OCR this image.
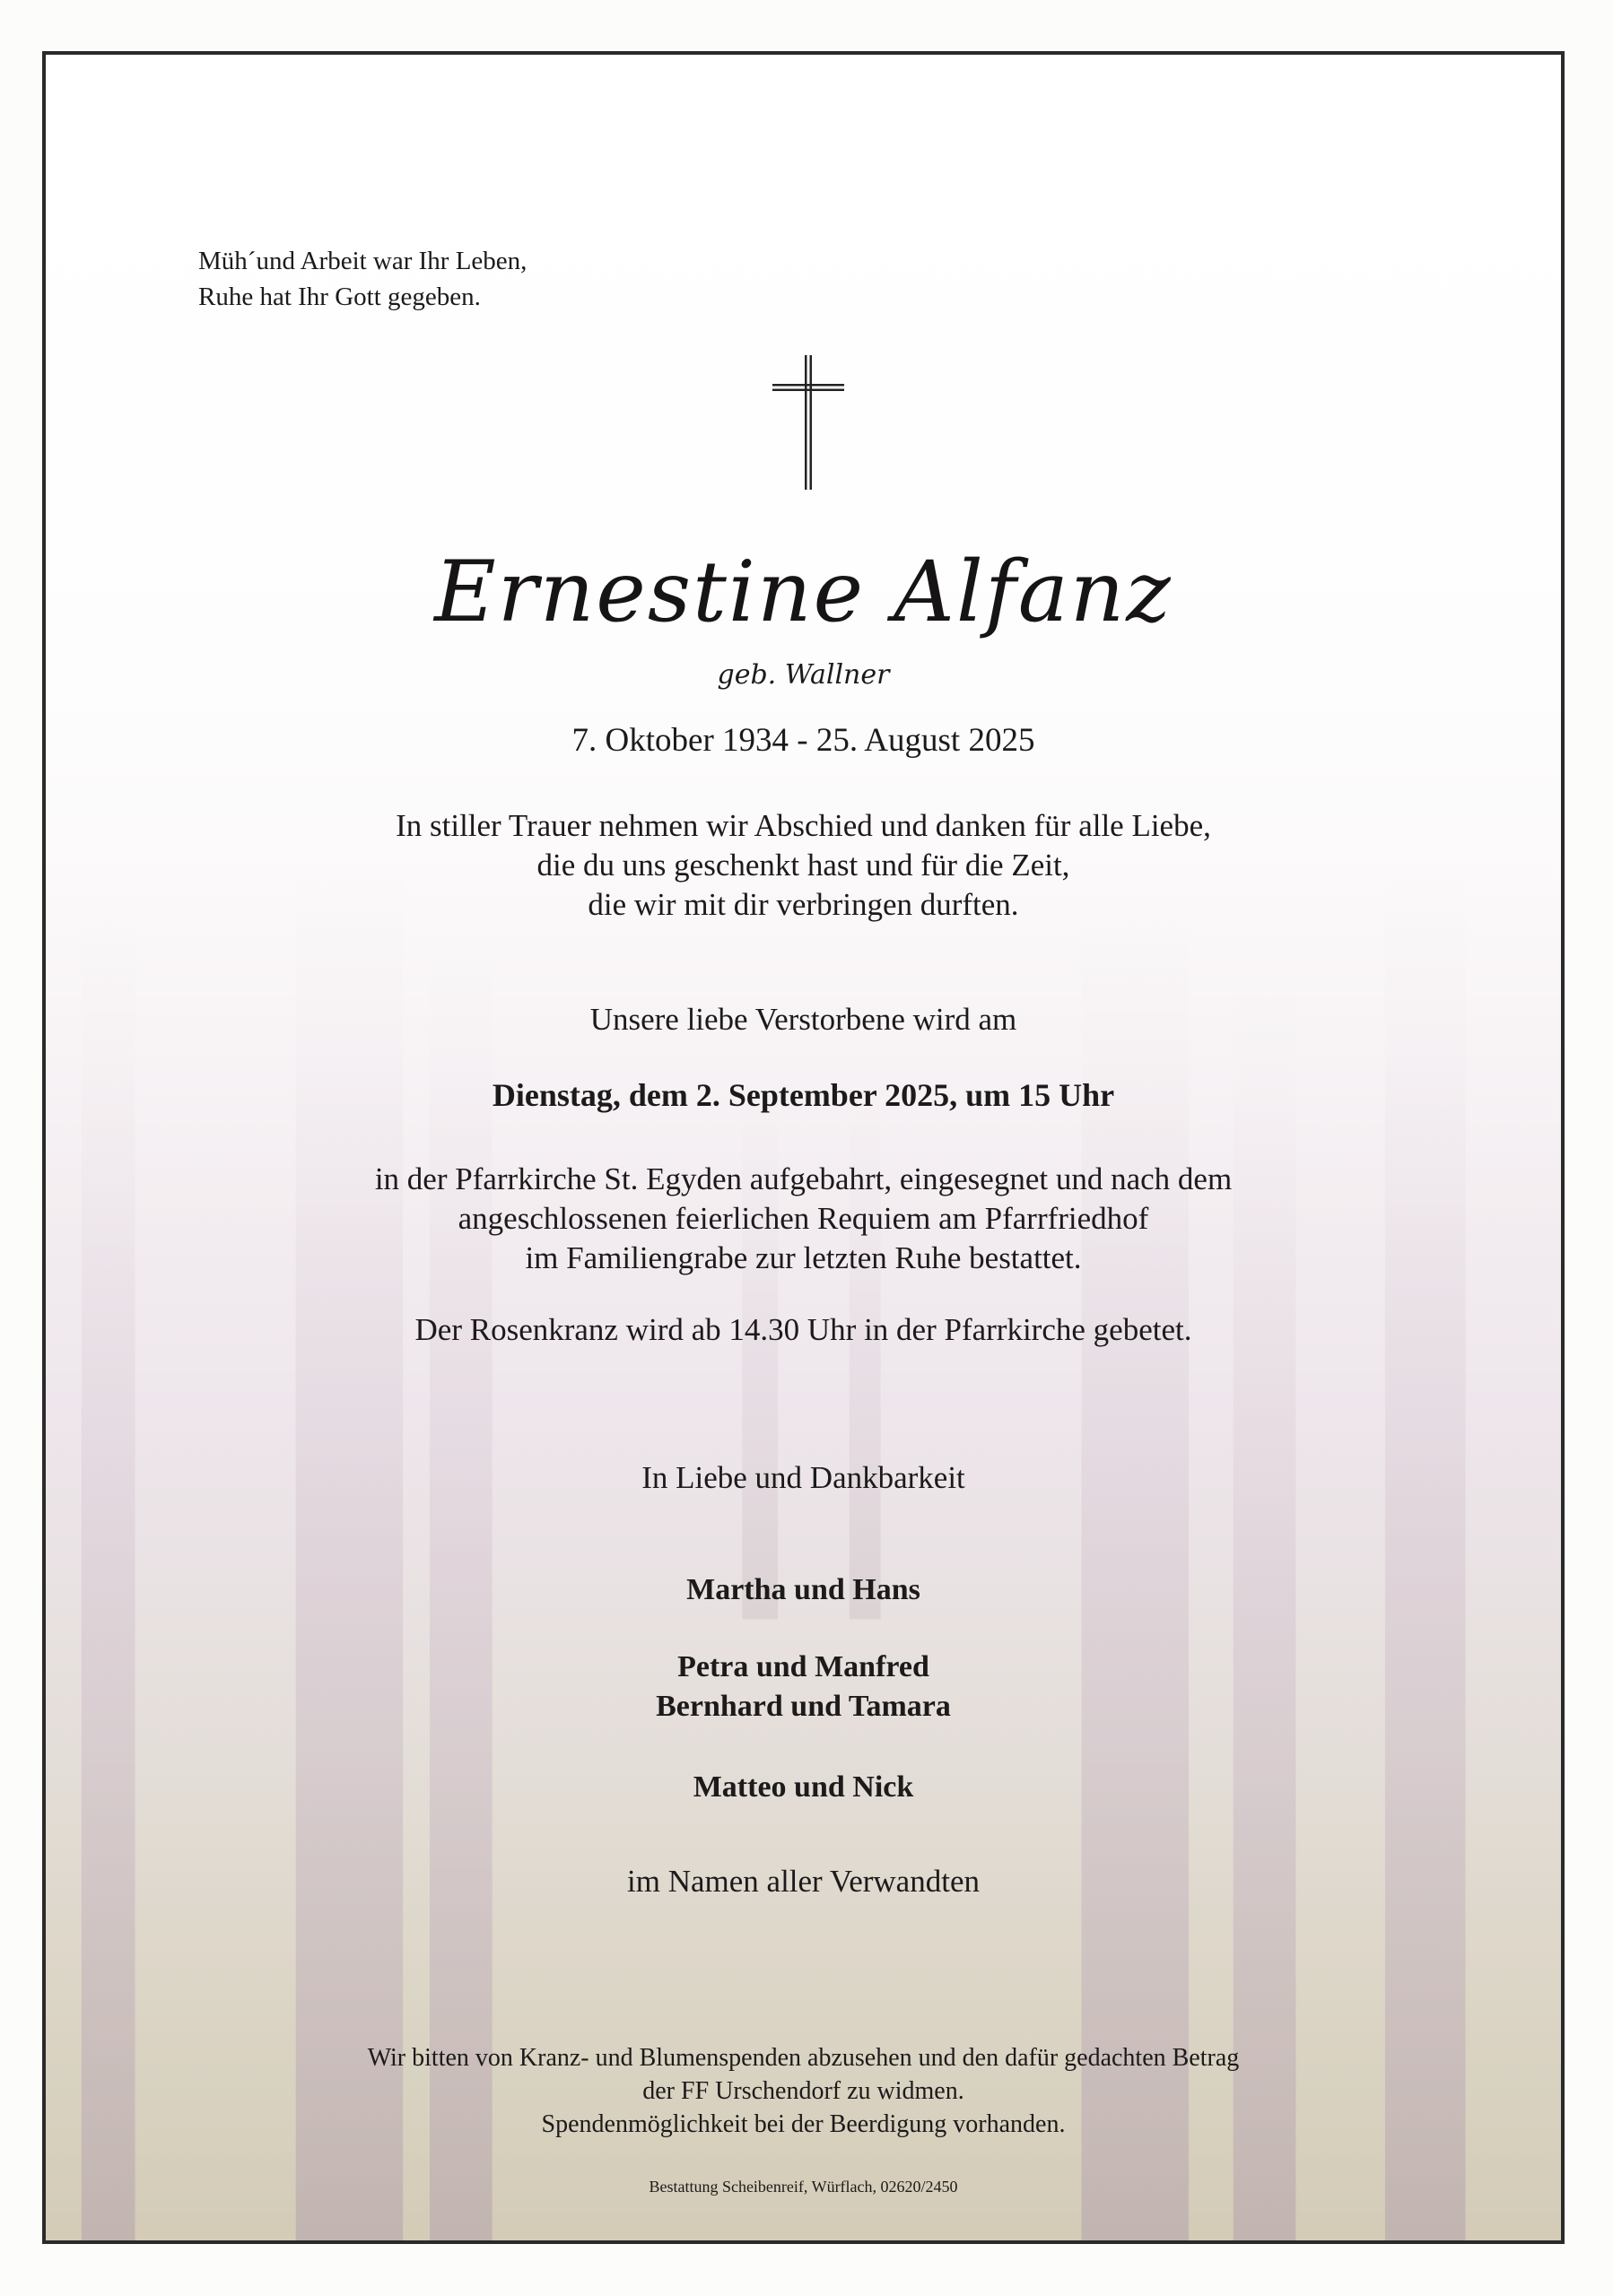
Müh´und Arbeit war Ihr Leben,
Ruhe hat Ihr Gott gegeben.
Ernestine Alfanz
geb. Wallner
7. Oktober 1934 - 25. August 2025
In stiller Trauer nehmen wir Abschied und danken für alle Liebe,
die du uns geschenkt hast und für die Zeit,
die wir mit dir verbringen durften.
Unsere liebe Verstorbene wird am
Dienstag, dem 2. September 2025, um 15 Uhr
in der Pfarrkirche St. Egyden aufgebahrt, eingesegnet und nach dem
angeschlossenen feierlichen Requiem am Pfarrfriedhof
im Familiengrabe zur letzten Ruhe bestattet.
Der Rosenkranz wird ab 14.30 Uhr in der Pfarrkirche gebetet.
In Liebe und Dankbarkeit
Martha und Hans
Petra und Manfred
Bernhard und Tamara
Matteo und Nick
im Namen aller Verwandten
Wir bitten von Kranz- und Blumenspenden abzusehen und den dafür gedachten Betrag
der FF Urschendorf zu widmen.
Spendenmöglichkeit bei der Beerdigung vorhanden.
Bestattung Scheibenreif, Würflach, 02620/2450
